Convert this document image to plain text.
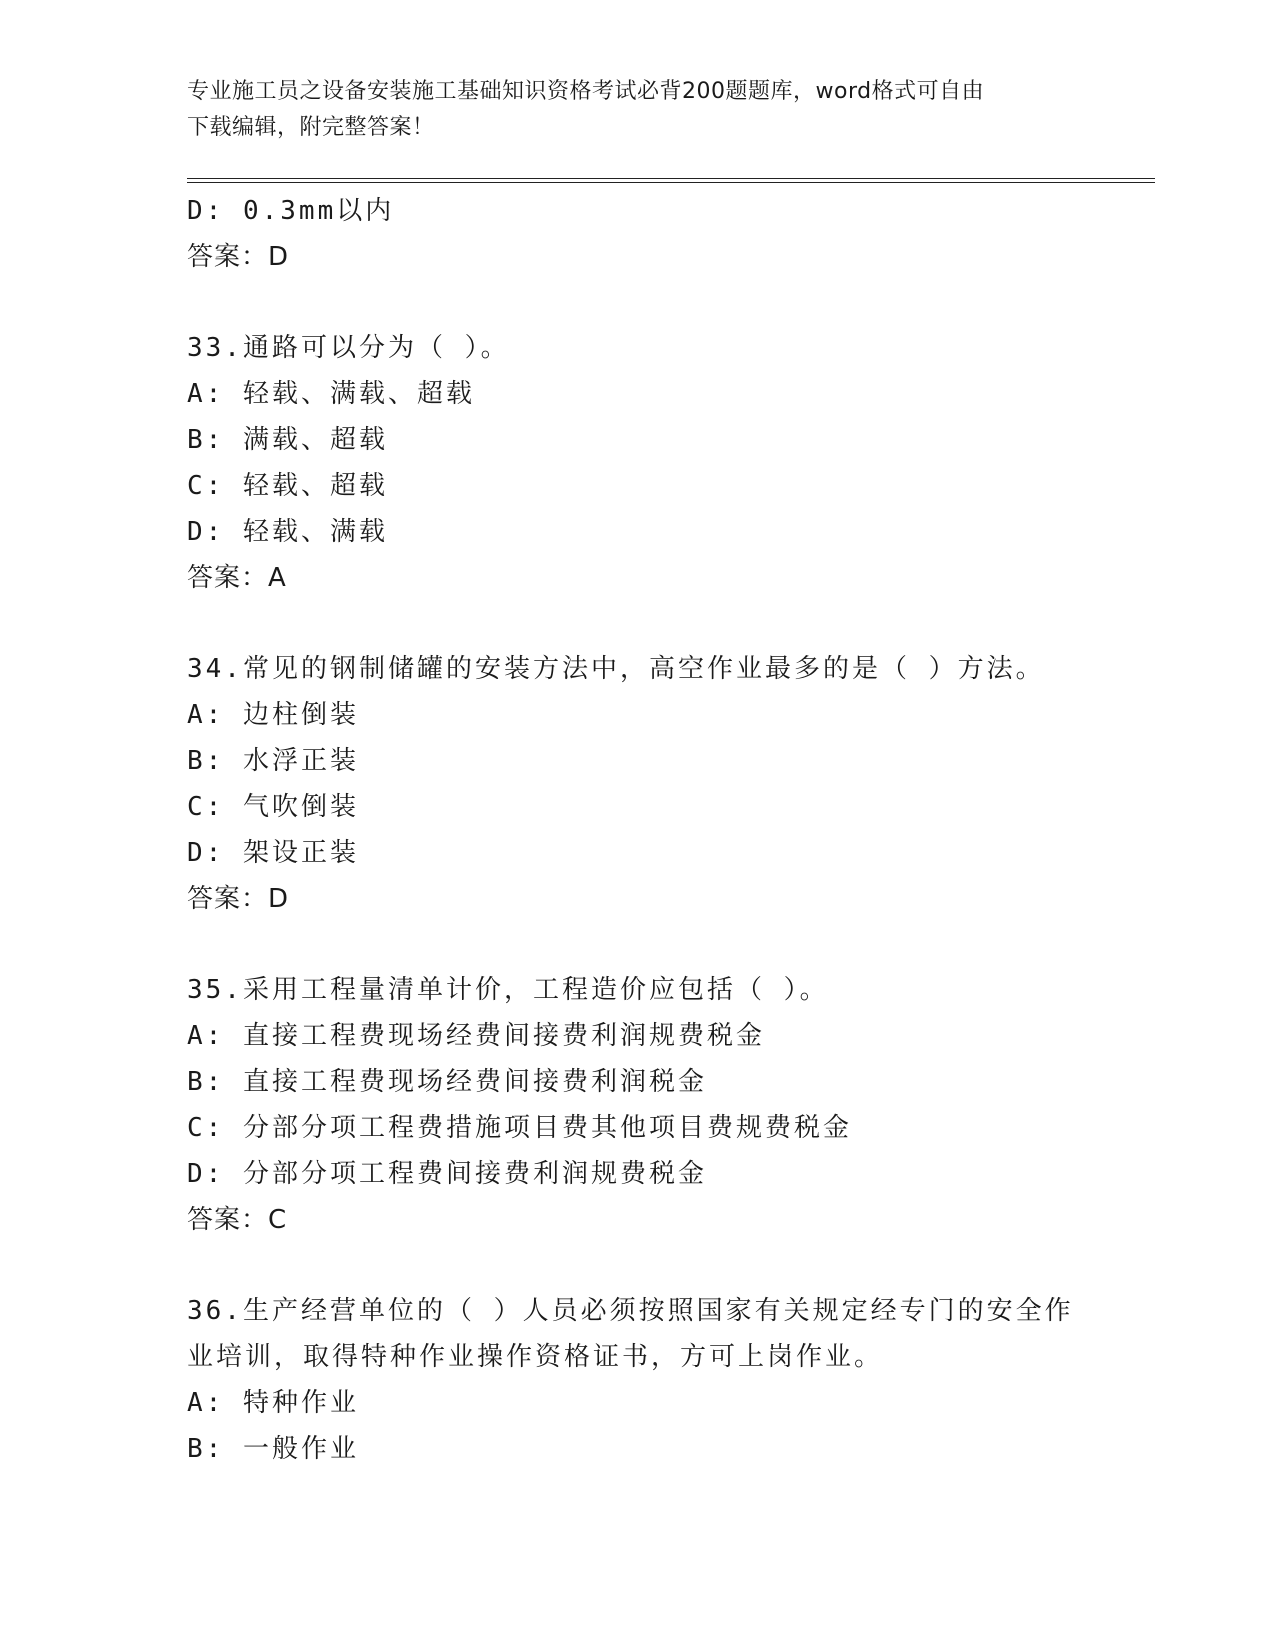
专业施工员之设备安装施工基础知识资格考试必背200题题库，word格式可自由
下载编辑，附完整答案！
D: 0.3mm以内
答案：D
33.通路可以分为（ ）。
A: 轻载、满载、超载
B: 满载、超载
C: 轻载、超载
D: 轻载、满载
答案：A
34.常见的钢制储罐的安装方法中，高空作业最多的是（ ）方法。
A: 边柱倒装
B: 水浮正装
C: 气吹倒装
D: 架设正装
答案：D
35.采用工程量清单计价，工程造价应包括（ ）。
A: 直接工程费现场经费间接费利润规费税金
B: 直接工程费现场经费间接费利润税金
C: 分部分项工程费措施项目费其他项目费规费税金
D: 分部分项工程费间接费利润规费税金
答案：C
36.生产经营单位的（ ）人员必须按照国家有关规定经专门的安全作
业培训，取得特种作业操作资格证书，方可上岗作业。
A: 特种作业
B: 一般作业
